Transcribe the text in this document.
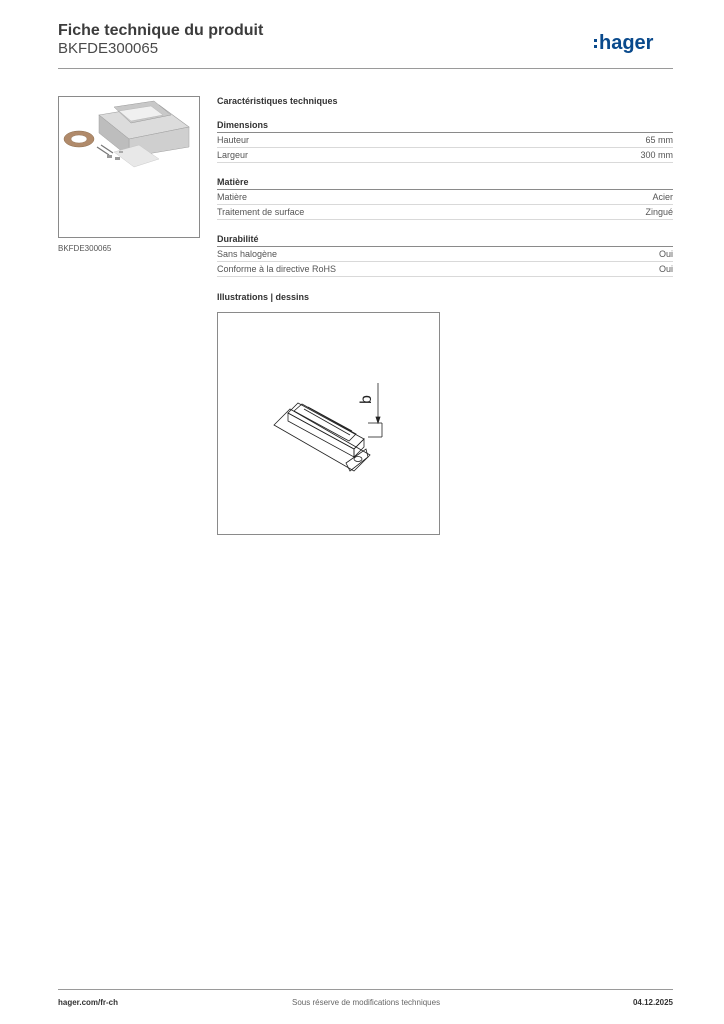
Fiche technique du produit
BKFDE300065	hager
BKFDE300065
Caractéristiques techniques
Dimensions
Hauteur	65 mm
Largeur	300 mm
Matière
Matière	Acier
Traitement de surface	Zingué
Durabilité
Sans halogène	Oui
Conforme à la directive RoHS	Oui
Illustrations | dessins
b
hager.com/fr-ch	Sous réserve de modifications techniques	04.12.2025
